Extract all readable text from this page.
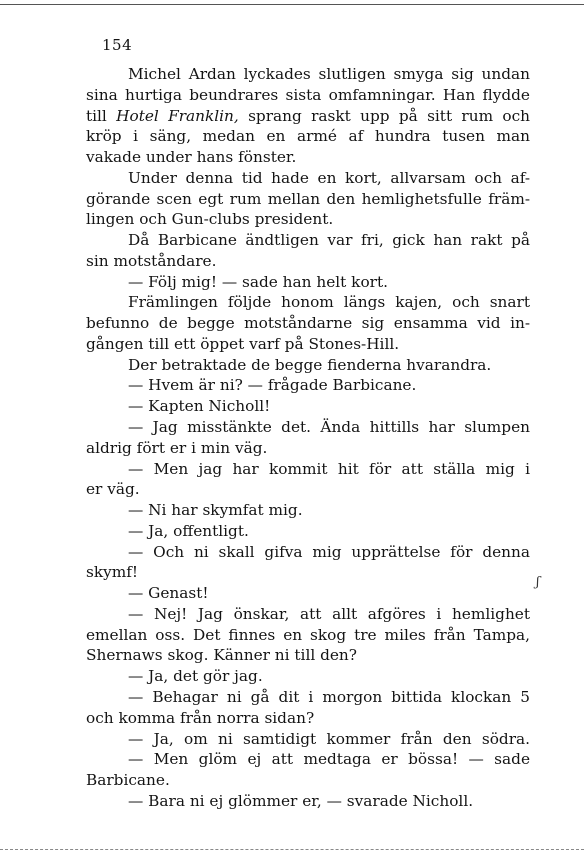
154
Michel Ardan lyckades slutligen smyga sig undan
sina hurtiga beundrares sista omfamningar. Han flydde
till Hotel Franklin, sprang raskt upp på sitt rum och
kröp i säng, medan en armé af hundra tusen man
vakade under hans fönster.
Under denna tid hade en kort, allvarsam och af-
görande scen egt rum mellan den hemlighetsfulle främ-
lingen och Gun-clubs president.
Då Barbicane ändtligen var fri, gick han rakt på
sin motståndare.
— Följ mig! — sade han helt kort.
Främlingen följde honom längs kajen, och snart
befunno de begge motståndarne sig ensamma vid in-
gången till ett öppet varf på Stones-Hill.
Der betraktade de begge fienderna hvarandra.
— Hvem är ni? — frågade Barbicane.
— Kapten Nicholl!
— Jag misstänkte det. Ända hittills har slumpen
aldrig fört er i min väg.
— Men jag har kommit hit för att ställa mig i
er väg.
— Ni har skymfat mig.
— Ja, offentligt.
— Och ni skall gifva mig upprättelse för denna
skymf!
— Genast!
— Nej! Jag önskar, att allt afgöres i hemlighet
emellan oss. Det finnes en skog tre miles från Tampa,
Shernaws skog. Känner ni till den?
— Ja, det gör jag.
— Behagar ni gå dit i morgon bittida klockan 5
och komma från norra sidan?
— Ja, om ni samtidigt kommer från den södra.
— Men glöm ej att medtaga er bössa! — sade
Barbicane.
— Bara ni ej glömmer er, — svarade Nicholl.
ʃ
